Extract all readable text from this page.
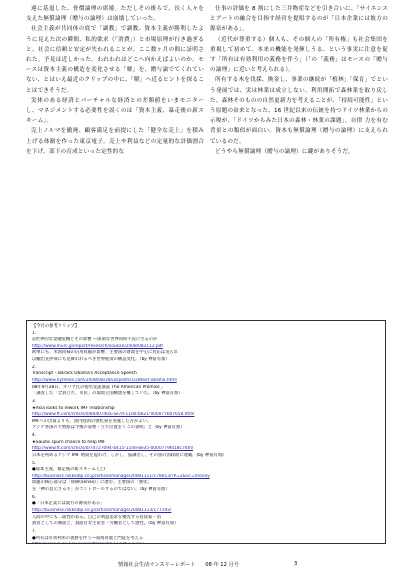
違に基退した、骨價論理の席捲。ただしその後らで、長く人々を支えた無償論理（贈与の論理）は崩壊していった。

社会主義が共同体の底で「調教」で調教、資本主義が勝利したように見えた次の瞬間、私的欲求（「消費」）と市場原理が行き過ぎると、社会に信頼と安定が失われることが、ここ数ヶ月の間に証明された。予見は近しかった。われわれはどこへ向かえばよいのか。モースは資本主義の構造を変化させる「解」を、贈与論でてくれていない、とはいえ最近のクリップの中に、「解」へ近るヒントを探ることはできそうだ。

実体のある経済とバーチャルな経済との差額値をいまモニターし、マネジメントする必要性を説くのは「資本主義、暴走後の新スキーム」。

売上ノルマを撤廃、顧客満足を前提にした「健全な売上」を積み上げる体制を作った東京電子。売上や利益などの定量的な評価割合を下げ、部下の育成といった定性的な

仕事の評価を 8 割にした三井物産などを引き合いに、「サイエンスとアートの融合を目指す経営を提唱するのが「日本企業には彼方の源泉がある」。

（近代が尊重する）個人も、その個人の「所有権」も社会集団を重視して初めて、本来の機能を発揮しうる、という事実に注意を促す「所有は有効利用の義務を伴う」（「の「義務」はモースの「贈与の論理」に近いと考えられる）。

所有する木を伐採、換金し、事業の継続が「植林」「保育」でという発展では、実は林業は成立しない。利用開拓で森林業を取り戻した、森林そのものの自然更新力を考えることが、「持続可能性」という原題の由来となった、16 世紀以来の伝統を持つドイツ林業からの示唆が、「ドイツからみた日本の森林・林業の課題」。自律 力を有む背景との類似が面白い。資本も無償論理（贈与の論理）に支えられているのだ。

どうやら無償論理（贈与の論理）に鍵がありそうだ。

【今月の参考クリップ】
1.
◎世界的な金融危機とその影響 ―深刻な世界同時不況に至るのか
http://www.murc.jp/report/research/soukan/2008/081112.pdf
欧州にも、米国同様の信用収縮が影響、主要国の財政を中心に対応は迫られ
以輸出先停滞にも見舞われるべき世界経済の構造変化。（by 神富有加）
2.
Transcript – Barack Obama's Acceptance Speech
http://www.nytimes.com/2008/08/28/us/politics/28text-obama.html
08年9月28日、オバマ氏の指名受諾演説 The American Promise 。
「調査した「全員立ち、市民」の環境立国構想を概していた。（by 神富有加）
3.
★Asia looks to rework IMF relationship
http://www.ft.com/cms/s/0/84407d0a-ae7d-11dd-b621-000077b07658.html
IMFへの出資よりも、国内経済の強化策を実施した方がよい。
アジア各国の大勢派は今後の姿勢・立ち位置をくこの表明」と（by 神富有加）
4.
★Saudis spurn chance to help IMF
http://www.ft.com/cms/s/0/74727094-b415-11dd-8e35-0000779fd18c.html
日本を初めるアジア IMF 増資を提わけ、しかし、協調出し、その国の国政政に連載。(by 神富有加)
5.
●資本主義、暴走後の新スキーム (上)
http://business.nikkeibp.co.jp/article/manage/20081111/178013/?P=2&ST=money
問題の核心部分は「保険(annex)」に潜む。主要国の「強化」
を「神の見えざる手」がコントロールするのではない。（by 神富有加）
6.
●「日本企業には彼方の源泉がある」
http://business.nikkeibp.co.jp/article/manage/20081113/177192/
人間の中にも二面性がある。自己の利益追求を優先する投資家・消
費者としての側面と、真面目な生産者・労働者として感性。（by 神富有加）
7.
●所有は有効利用の義務を伴う―東海育農と門徒を考える
情報社会生活マンスリーレポート 08 年 12 月号	3
